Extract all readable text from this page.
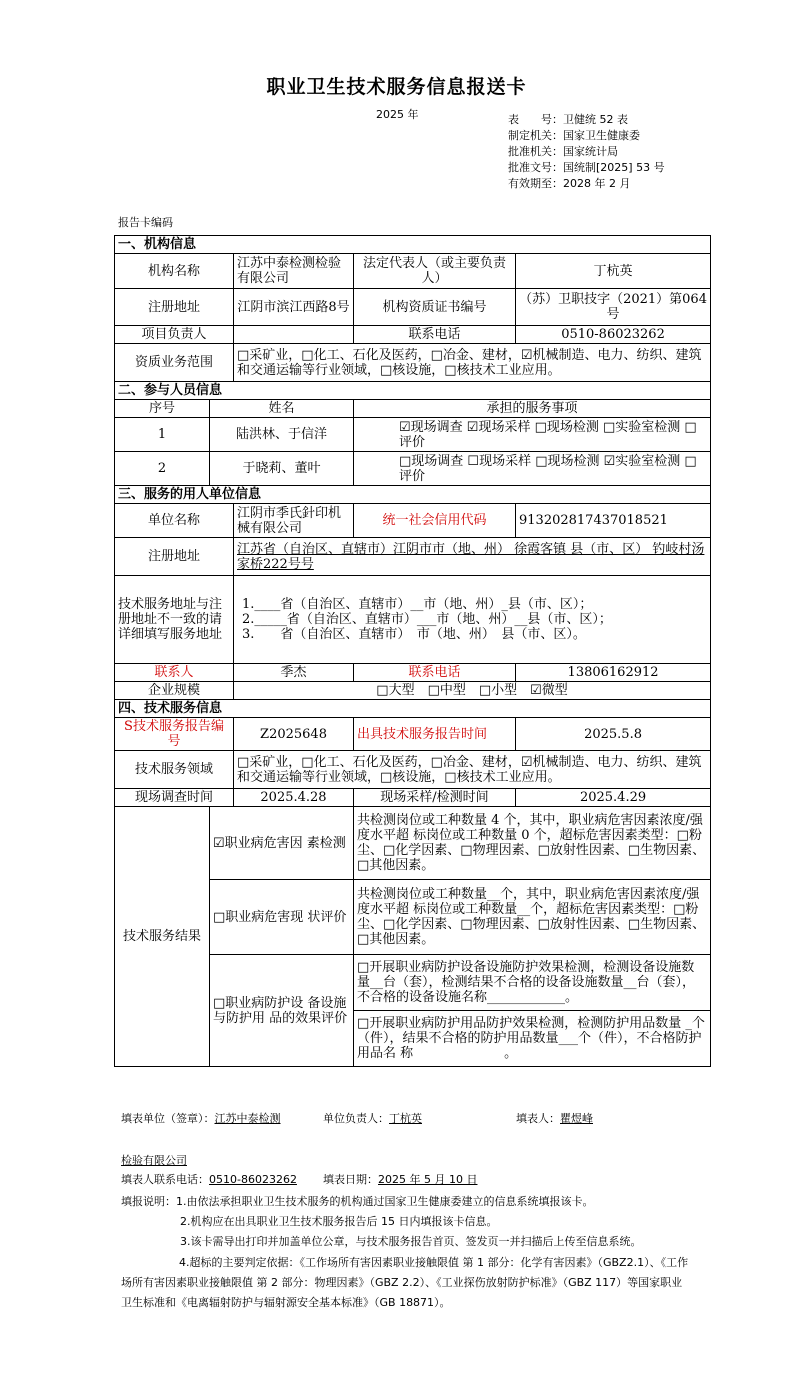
职业卫生技术服务信息报送卡
2025 年	表　　号：卫健统 52 表
制定机关：国家卫生健康委
批准机关：国家统计局
批准文号：国统制[2025] 53 号
有效期至：2028 年 2 月
报告卡编码
一、机构信息				
机构名称		江苏中泰检测检验有限公司	法定代表人（或主要负责人）	丁杭英
注册地址		江阴市滨江西路8号	机构资质证书编号	（苏）卫职技字（2021）第064号
项目负责人			联系电话	0510-86023262
资质业务范围		□采矿业，□化工、石化及医药，□冶金、建材，☑机械制造、电力、纺织、建筑和交通运输等行业领域，□核设施，□核技术工业应用。		
二、参与人员信息				
序号	姓名		承担的服务事项	
1	陆洪林、于信洋		☑现场调查 ☑现场采样 □现场检测 □实验室检测 □评价	
2	于晓莉、董叶		□现场调查 ☐现场采样 □现场检测 ☑实验室检测 □评价	
三、服务的用人单位信息				
单位名称		江阴市季氏針印机械有限公司	统一社会信用代码	913202817437018521
注册地址		江苏省（自治区、直辖市）江阴市市（地、州） 徐霞客镇 县（市、区） 钓岐村汤家桥222号号		
技术服务地址与注册地址不一致的请详细填写服务地址		1.____省（自治区、直辖市）__市（地、州）_县（市、区）；
2._____省（自治区、直辖市）___市（地、州）__县（市、区）；
3.　　省（自治区、直辖市）　市（地、州）　县（市、区）。		

联系人		季杰	联系电话	13806162912
企业规模		□大型　□中型　□小型　☑微型		
四、技术服务信息				
S技术服务报告编号		Z2025648	出具技术服务报告时间	2025.5.8
技术服务领域		□采矿业，□化工、石化及医药，□冶金、建材，☑机械制造、电力、纺织、建筑和交通运输等行业领域，□核设施，□核技术工业应用。		
现场调查时间		2025.4.28	现场采样/检测时间	2025.4.29
技术服务结果	☑职业病危害因 素检测		共检测岗位或工种数量 4 个，其中，职业病危害因素浓度/强度水平超 标岗位或工种数量 0 个，超标危害因素类型：□粉尘、□化学因素、□物理因素、□放射性因素、□生物因素、□其他因素。	
	□职业病危害现 状评价		共检测岗位或工种数量__个，其中，职业病危害因素浓度/强度水平超 标岗位或工种数量__个，超标危害因素类型：□粉尘、□化学因素、□物理因素、□放射性因素、□生物因素、□其他因素。	
	□职业病防护设 备设施与防护用 品的效果评价		□开展职业病防护设备设施防护效果检测，检测设备设施数量__台（套），检测结果不合格的设备设施数量__台（套），不合格的设备设施名称____________。	
			□开展职业病防护用品防护效果检测，检测防护用品数量 _个（件），结果不合格的防护用品数量___个（件），不合格防护用品名 称　　　　　　　。	
填表单位（签章）：江苏中泰检测	单位负责人：丁杭英	填表人：瞿煜峰
检验有限公司
填表人联系电话：0510-86023262 填表日期：2025 年 5 月 10 日
填报说明：1.由依法承担职业卫生技术服务的机构通过国家卫生健康委建立的信息系统填报该卡。
2.机构应在出具职业卫生技术服务报告后 15 日内填报该卡信息。
3.该卡需导出打印并加盖单位公章，与技术服务报告首页、签发页一并扫描后上传至信息系统。
4.超标的主要判定依据：《工作场所有害因素职业接触限值 第 1 部分：化学有害因素》（GBZ2.1）、《工作场所有害因素职业接触限值 第 2 部分：物理因素》（GBZ 2.2）、《工业探伤放射防护标准》（GBZ 117）等国家职业卫生标准和《电离辐射防护与辐射源安全基本标准》（GB 18871）。
